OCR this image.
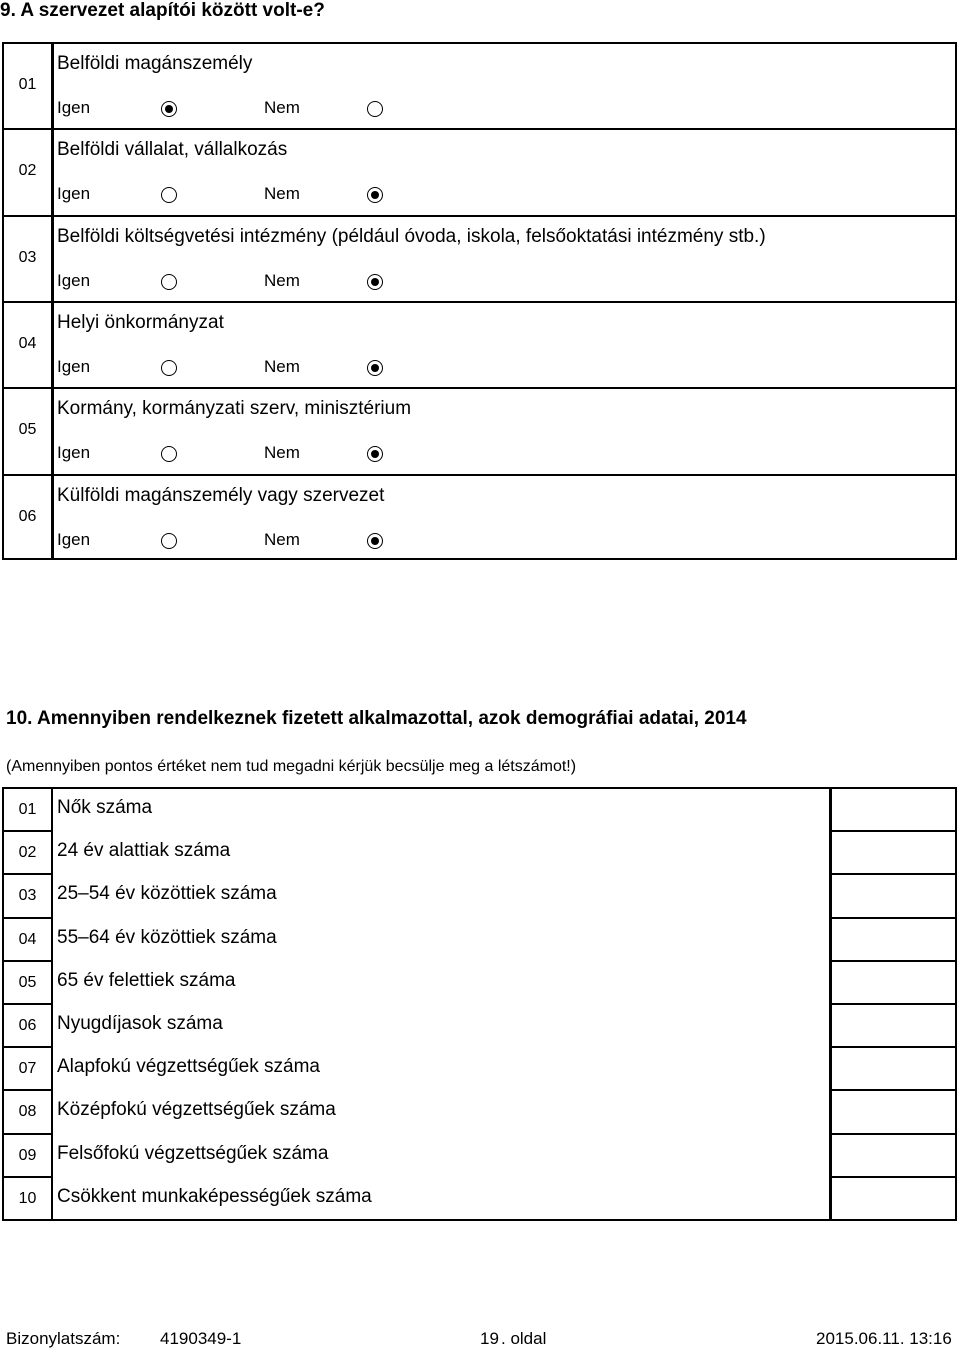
9. A szervezet alapítói között volt-e?
01
Belföldi magánszemély
Igen	Nem
02
Belföldi vállalat, vállalkozás
Igen	Nem
03
Belföldi költségvetési intézmény (például óvoda, iskola, felsőoktatási intézmény stb.)
Igen	Nem
04
Helyi önkormányzat
Igen	Nem
05
Kormány, kormányzati szerv, minisztérium
Igen	Nem
06
Külföldi magánszemély vagy szervezet
Igen	Nem
10. Amennyiben rendelkeznek fizetett alkalmazottal, azok demográfiai adatai, 2014
(Amennyiben pontos értéket nem tud megadni kérjük becsülje meg a létszámot!)
01	Nők száma
02	24 év alattiak száma
03	25–54 év közöttiek száma
04	55–64 év közöttiek száma
05	65 év felettiek száma
06	Nyugdíjasok száma
07	Alapfokú végzettségűek száma
08	Középfokú végzettségűek száma
09	Felsőfokú végzettségűek száma
10	Csökkent munkaképességűek száma
Bizonylatszám: 4190349-1	19 . oldal	2015.06.11. 13:16
